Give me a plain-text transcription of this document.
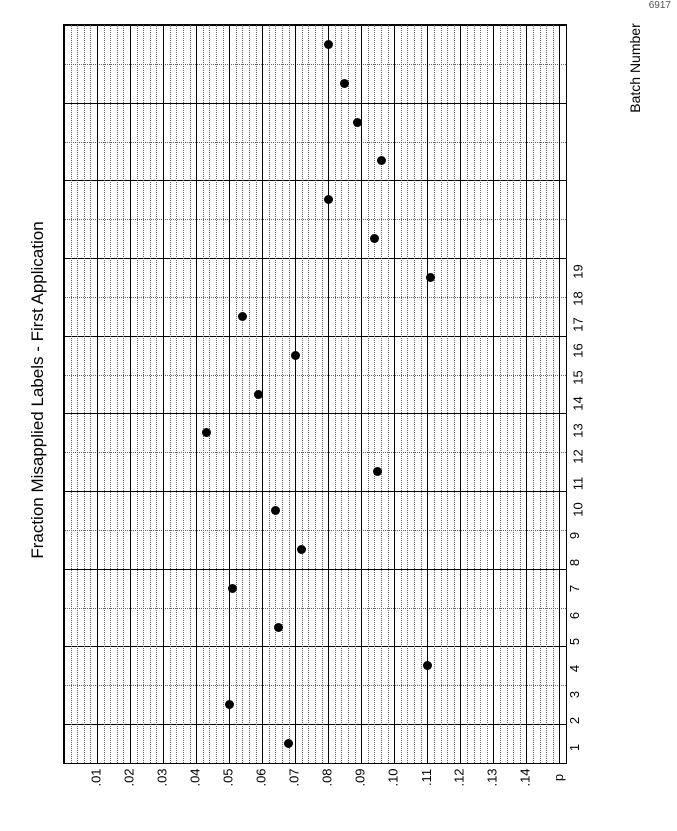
6917
p
.14
.13
.12
.11
.10
.09
.08
.07
.06
.05
.04
.03
.02
.01
1
2
3
4
5
6
7
8
9
10
11
12
13
14
15
16
17
18
19
Fraction Misapplied Labels - First Application
Batch Number
